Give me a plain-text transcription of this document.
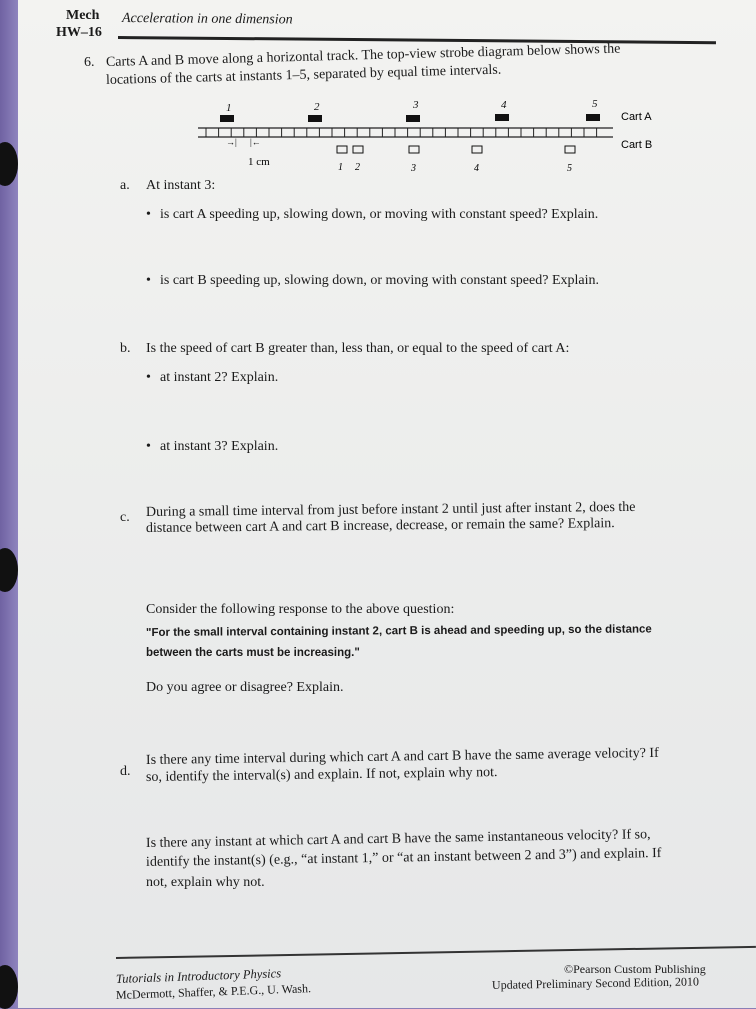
Mech
HW–16
Acceleration in one dimension
6. Carts A and B move along a horizontal track. The top-view strobe diagram below shows the
locations of the carts at instants 1–5, separated by equal time intervals.
1	2	3	4	5
Cart A
→| |←
1 cm
Cart B
1 2	3	4	5
a. At instant 3:
• is cart A speeding up, slowing down, or moving with constant speed? Explain.
• is cart B speeding up, slowing down, or moving with constant speed? Explain.
b. Is the speed of cart B greater than, less than, or equal to the speed of cart A:
• at instant 2? Explain.
• at instant 3? Explain.
c. During a small time interval from just before instant 2 until just after instant 2, does the
distance between cart A and cart B increase, decrease, or remain the same? Explain.
Consider the following response to the above question:
"For the small interval containing instant 2, cart B is ahead and speeding up, so the distance
between the carts must be increasing."
Do you agree or disagree? Explain.
d.
Is there any time interval during which cart A and cart B have the same average velocity? If
so, identify the interval(s) and explain. If not, explain why not.
Is there any instant at which cart A and cart B have the same instantaneous velocity? If so,
identify the instant(s) (e.g., “at instant 1,” or “at an instant between 2 and 3”) and explain. If
not, explain why not.
Tutorials in Introductory Physics
McDermott, Shaffer, & P.E.G., U. Wash.
©Pearson Custom Publishing
Updated Preliminary Second Edition, 2010
